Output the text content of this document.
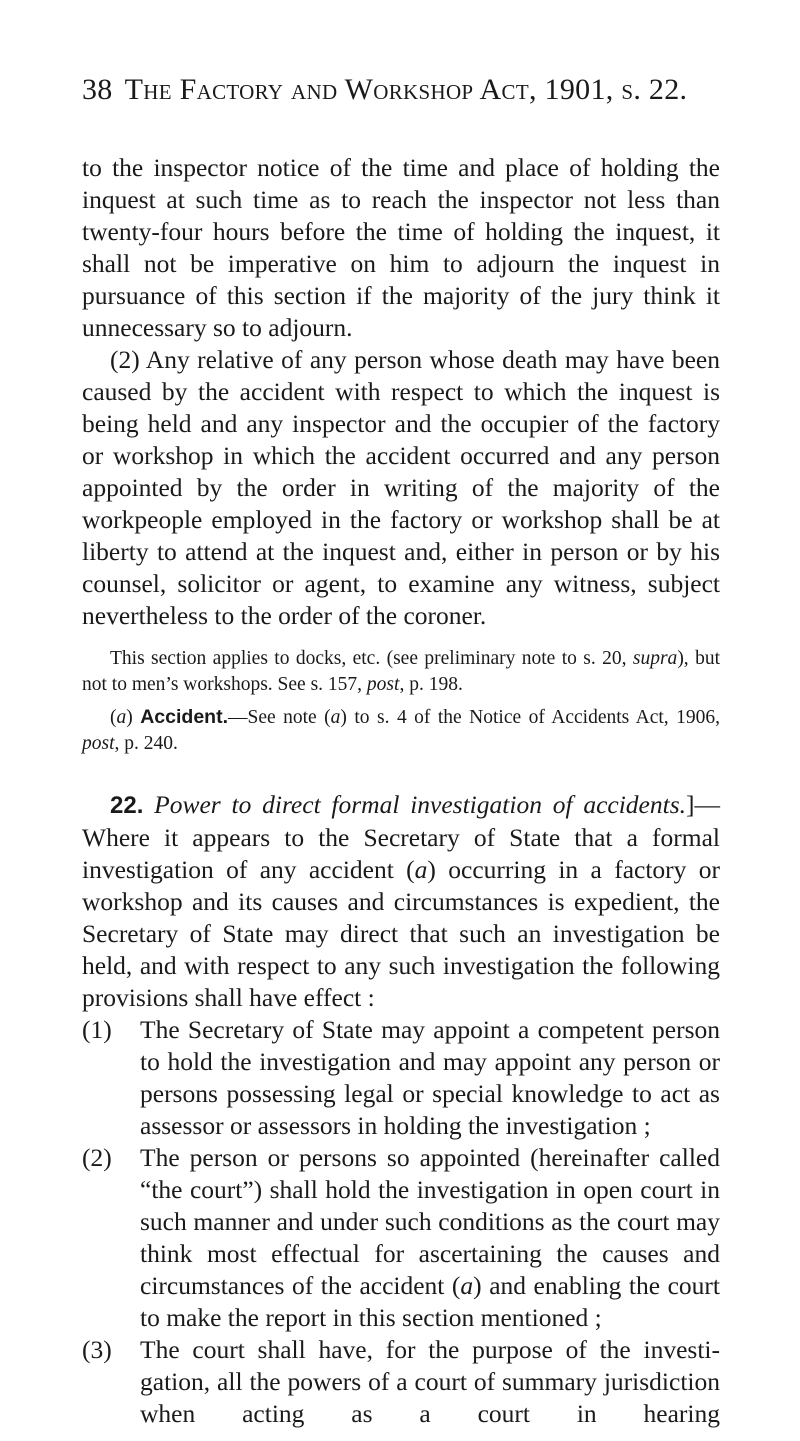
38 The Factory and Workshop Act, 1901, s. 22.

to the inspector notice of the time and place of holding the inquest at such time as to reach the inspector not less than twenty-four hours before the time of holding the inquest, it shall not be imperative on him to adjourn the inquest in pursuance of this section if the majority of the jury think it unnecessary so to adjourn.

(2) Any relative of any person whose death may have been caused by the accident with respect to which the inquest is being held and any inspector and the occupier of the factory or workshop in which the accident occurred and any person appointed by the order in writing of the majority of the workpeople employed in the factory or workshop shall be at liberty to attend at the inquest and, either in person or by his counsel, solicitor or agent, to examine any witness, subject nevertheless to the order of the coroner.

This section applies to docks, etc. (see preliminary note to s. 20, supra), but not to men’s workshops. See s. 157, post, p. 198.

(a) Accident.—See note (a) to s. 4 of the Notice of Accidents Act, 1906, post, p. 240.

22. Power to direct formal investigation of accidents.]—Where it appears to the Secretary of State that a formal investigation of any accident (a) occurring in a factory or workshop and its causes and circumstances is expedient, the Secretary of State may direct that such an investigation be held, and with respect to any such investigation the following provisions shall have effect :

(1)	The Secretary of State may appoint a competent person to hold the investigation and may appoint any person or persons possessing legal or special knowledge to act as assessor or assessors in holding the investigation ;
(2)	The person or persons so appointed (hereinafter called “the court”) shall hold the investigation in open court in such manner and under such conditions as the court may think most effectual for ascertaining the causes and circumstances of the accident (a) and enabling the court to make the report in this section mentioned ;
(3)	The court shall have, for the purpose of the investi-gation, all the powers of a court of summary jurisdiction when acting as a court in hearing
